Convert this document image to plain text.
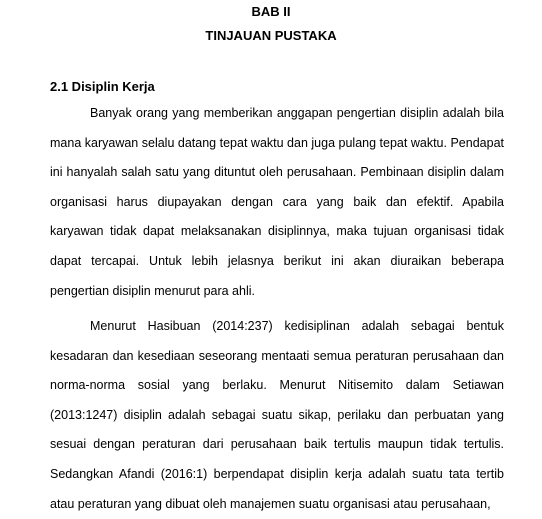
BAB II
TINJAUAN PUSTAKA
2.1 Disiplin Kerja

Banyak orang yang memberikan anggapan pengertian disiplin adalah bila mana karyawan selalu datang tepat waktu dan juga pulang tepat waktu. Pendapat ini hanyalah salah satu yang dituntut oleh perusahaan. Pembinaan disiplin dalam organisasi harus diupayakan dengan cara yang baik dan efektif. Apabila karyawan tidak dapat melaksanakan disiplinnya, maka tujuan organisasi tidak dapat tercapai. Untuk lebih jelasnya berikut ini akan diuraikan beberapa pengertian disiplin menurut para ahli.

Menurut Hasibuan (2014:237) kedisiplinan adalah sebagai bentuk kesadaran dan kesediaan seseorang mentaati semua peraturan perusahaan dan norma-norma sosial yang berlaku. Menurut Nitisemito dalam Setiawan (2013:1247) disiplin adalah sebagai suatu sikap, perilaku dan perbuatan yang sesuai dengan peraturan dari perusahaan baik tertulis maupun tidak tertulis. Sedangkan Afandi (2016:1) berpendapat disiplin kerja adalah suatu tata tertib atau peraturan yang dibuat oleh manajemen suatu organisasi atau perusahaan,
